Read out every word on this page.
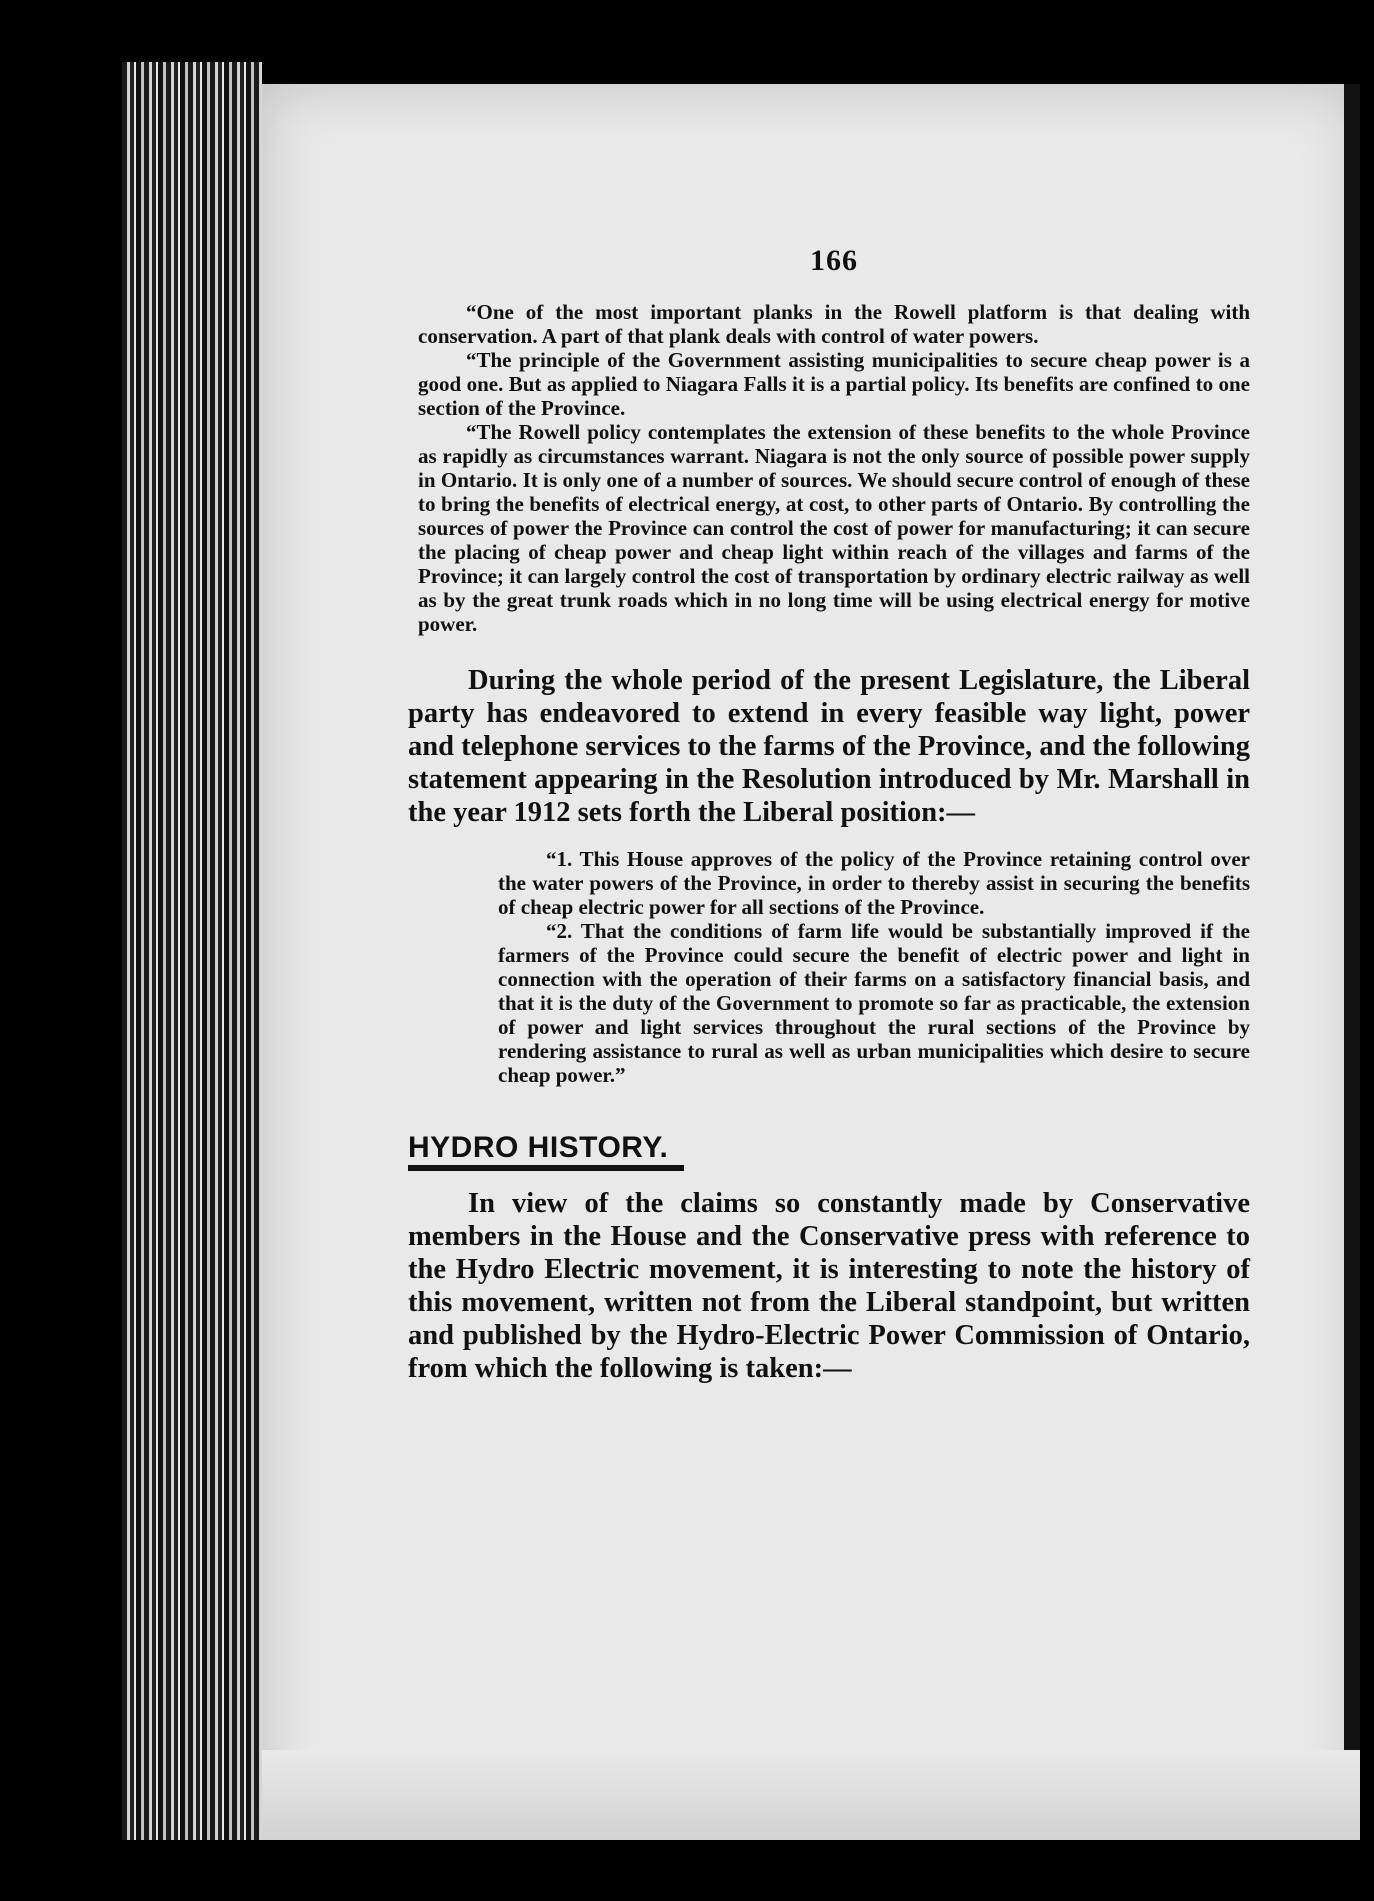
166

“One of the most important planks in the Rowell platform is that dealing with conservation. A part of that plank deals with control of water powers.

“The principle of the Government assisting municipalities to secure cheap power is a good one. But as applied to Niagara Falls it is a partial policy. Its benefits are confined to one section of the Province.

“The Rowell policy contemplates the extension of these benefits to the whole Province as rapidly as circumstances warrant. Niagara is not the only source of possible power supply in Ontario. It is only one of a number of sources. We should secure control of enough of these to bring the benefits of electrical energy, at cost, to other parts of Ontario. By controlling the sources of power the Province can control the cost of power for manufacturing; it can secure the placing of cheap power and cheap light within reach of the villages and farms of the Province; it can largely control the cost of transportation by ordinary electric railway as well as by the great trunk roads which in no long time will be using electrical energy for motive power.

During the whole period of the present Legislature, the Liberal party has endeavored to extend in every feasible way light, power and telephone services to the farms of the Province, and the following statement appearing in the Resolution introduced by Mr. Marshall in the year 1912 sets forth the Liberal position:—

“1. This House approves of the policy of the Province retaining control over the water powers of the Province, in order to thereby assist in securing the benefits of cheap electric power for all sections of the Province.

“2. That the conditions of farm life would be substantially improved if the farmers of the Province could secure the benefit of electric power and light in connection with the operation of their farms on a satisfactory financial basis, and that it is the duty of the Government to promote so far as practicable, the extension of power and light services throughout the rural sections of the Province by rendering assistance to rural as well as urban municipalities which desire to secure cheap power.”

HYDRO HISTORY.

In view of the claims so constantly made by Conservative members in the House and the Conservative press with reference to the Hydro Electric movement, it is interesting to note the history of this movement, written not from the Liberal standpoint, but written and published by the Hydro-Electric Power Commission of Ontario, from which the following is taken:—
